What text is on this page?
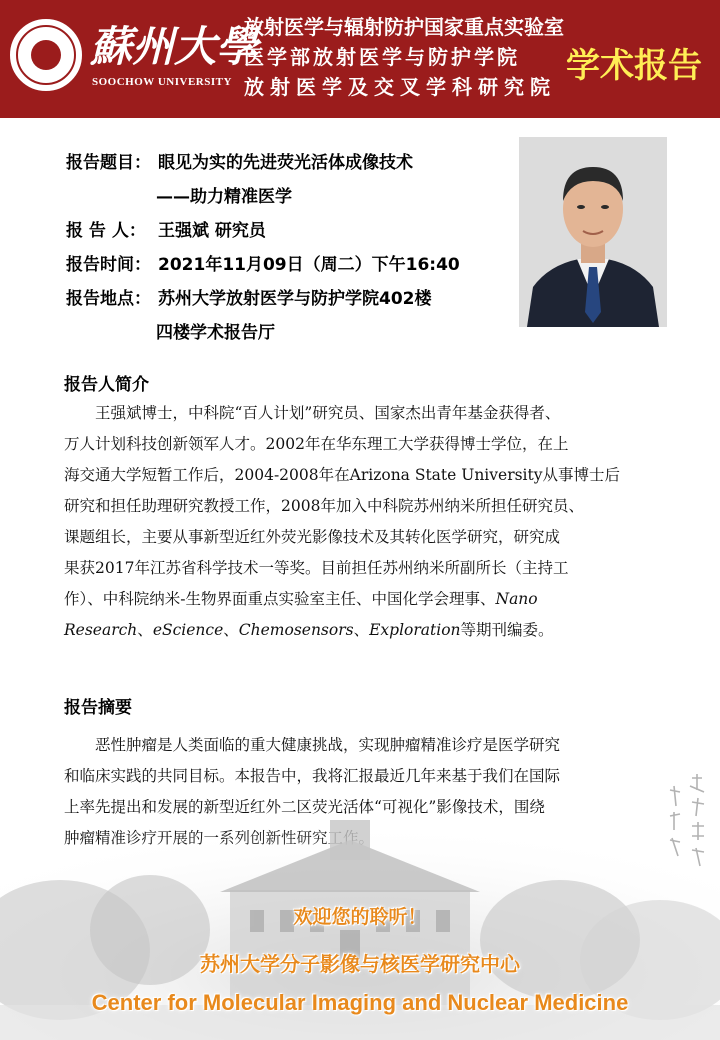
蘇州大學
SOOCHOW UNIVERSITY
放射医学与辐射防护国家重点实验室
医学部放射医学与防护学院
放射医学及交叉学科研究院
学术报告
报告题目： 眼见为实的先进荧光活体成像技术
——助力精准医学
报 告 人： 王强斌 研究员
报告时间： 2021年11月09日（周二）下午16:40
报告地点： 苏州大学放射医学与防护学院402楼
四楼学术报告厅
报告人简介
王强斌博士，中科院“百人计划”研究员、国家杰出青年基金获得者、
万人计划科技创新领军人才。2002年在华东理工大学获得博士学位，在上
海交通大学短暂工作后，2004-2008年在Arizona State University从事博士后
研究和担任助理研究教授工作，2008年加入中科院苏州纳米所担任研究员、
课题组长，主要从事新型近红外荧光影像技术及其转化医学研究，研究成
果获2017年江苏省科学技术一等奖。目前担任苏州纳米所副所长（主持工
作）、中科院纳米-生物界面重点实验室主任、中国化学会理事、Nano
Research、eScience、Chemosensors、Exploration等期刊编委。
报告摘要
恶性肿瘤是人类面临的重大健康挑战，实现肿瘤精准诊疗是医学研究
和临床实践的共同目标。本报告中，我将汇报最近几年来基于我们在国际
上率先提出和发展的新型近红外二区荧光活体“可视化”影像技术，围绕
欢迎您的聆听！
苏州大学分子影像与核医学研究中心
Center for Molecular Imaging and Nuclear Medicine
